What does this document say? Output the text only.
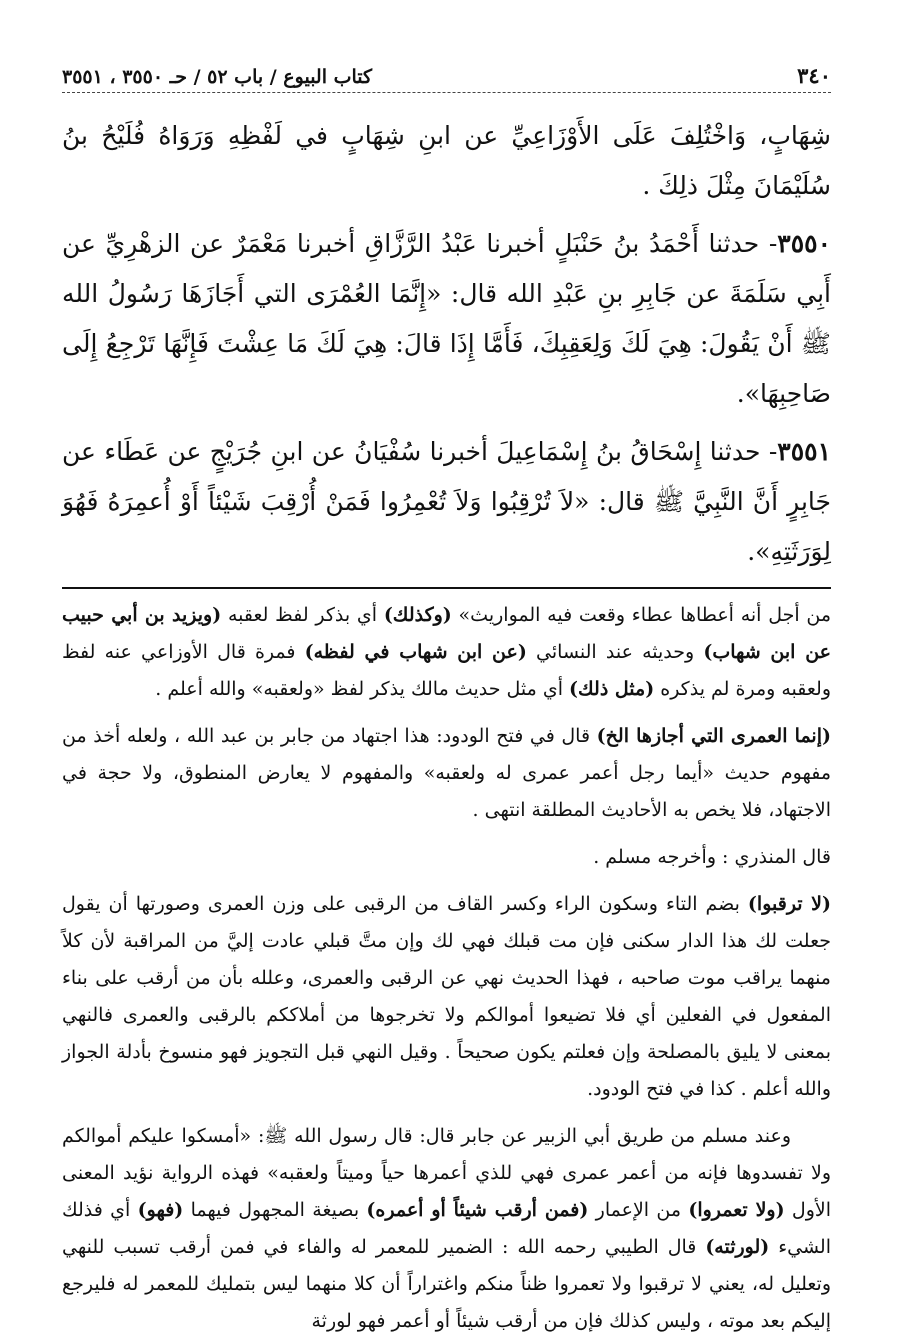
٣٤٠
كتاب البيوع / باب ٥٢ / حـ ٣٥٥٠ ، ٣٥٥١

شِهَابٍ، وَاخْتُلِفَ عَلَى الأَوْزَاعِيِّ عن ابنِ شِهَابٍ في لَفْظِهِ وَرَوَاهُ فُلَيْحُ بنُ سُلَيْمَانَ مِثْلَ ذلِكَ .

٣٥٥٠- حدثنا أَحْمَدُ بنُ حَنْبَلٍ أخبرنا عَبْدُ الرَّزَّاقِ أخبرنا مَعْمَرٌ عن الزهْرِيِّ عن أَبِي سَلَمَةَ عن جَابِرِ بنِ عَبْدِ الله قال: «إِنَّمَا العُمْرَى التي أَجَازَهَا رَسُولُ الله ﷺ أَنْ يَقُولَ: هِيَ لَكَ وَلِعَقِبِكَ، فَأَمَّا إِذَا قالَ: هِيَ لَكَ مَا عِشْتَ فَإِنَّهَا تَرْجِعُ إِلَى صَاحِبِهَا».

٣٥٥١- حدثنا إِسْحَاقُ بنُ إِسْمَاعِيلَ أخبرنا سُفْيَانُ عن ابنِ جُرَيْجٍ عن عَطَاء عن جَابِرٍ أَنَّ النَّبِيَّ ﷺ قال: «لاَ تُرْقِبُوا وَلاَ تُعْمِرُوا فَمَنْ أُرْقِبَ شَيْئاً أَوْ أُعمِرَهُ فَهُوَ لِوَرَثَتِهِ».

من أجل أنه أعطاها عطاء وقعت فيه المواريث» (وكذلك) أي بذكر لفظ لعقبه (ويزيد بن أبي حبيب عن ابن شهاب) وحديثه عند النسائي (عن ابن شهاب في لفظه) فمرة قال الأوزاعي عنه لفظ ولعقبه ومرة لم يذكره (مثل ذلك) أي مثل حديث مالك يذكر لفظ «ولعقبه» والله أعلم .

(إنما العمرى التي أجازها الخ) قال في فتح الودود: هذا اجتهاد من جابر بن عبد الله ، ولعله أخذ من مفهوم حديث «أيما رجل أعمر عمرى له ولعقبه» والمفهوم لا يعارض المنطوق، ولا حجة في الاجتهاد، فلا يخص به الأحاديث المطلقة انتهى .

قال المنذري : وأخرجه مسلم .

(لا ترقبوا) بضم التاء وسكون الراء وكسر القاف من الرقبى على وزن العمرى وصورتها أن يقول جعلت لك هذا الدار سكنى فإن مت قبلك فهي لك وإن متَّ قبلي عادت إليَّ من المراقبة لأن كلاً منهما يراقب موت صاحبه ، فهذا الحديث نهي عن الرقبى والعمرى، وعلله بأن من أرقب على بناء المفعول في الفعلين أي فلا تضيعوا أموالكم ولا تخرجوها من أملاككم بالرقبى والعمرى فالنهي بمعنى لا يليق بالمصلحة وإن فعلتم يكون صحيحاً . وقيل النهي قبل التجويز فهو منسوخ بأدلة الجواز والله أعلم . كذا في فتح الودود.

وعند مسلم من طريق أبي الزبير عن جابر قال: قال رسول الله ﷺ: «أمسكوا عليكم أموالكم ولا تفسدوها فإنه من أعمر عمرى فهي للذي أعمرها حياً وميتاً ولعقبه» فهذه الرواية نؤيد المعنى الأول (ولا تعمروا) من الإعمار (فمن أرقب شيئاً أو أعمره) بصيغة المجهول فيهما (فهو) أي فذلك الشيء (لورثته) قال الطيبي رحمه الله : الضمير للمعمر له والفاء في فمن أرقب تسبب للنهي وتعليل له، يعني لا ترقبوا ولا تعمروا ظناً منكم واغتراراً أن كلا منهما ليس بتمليك للمعمر له فليرجع إليكم بعد موته ، وليس كذلك فإن من أرقب شيئاً أو أعمر فهو لورثة
